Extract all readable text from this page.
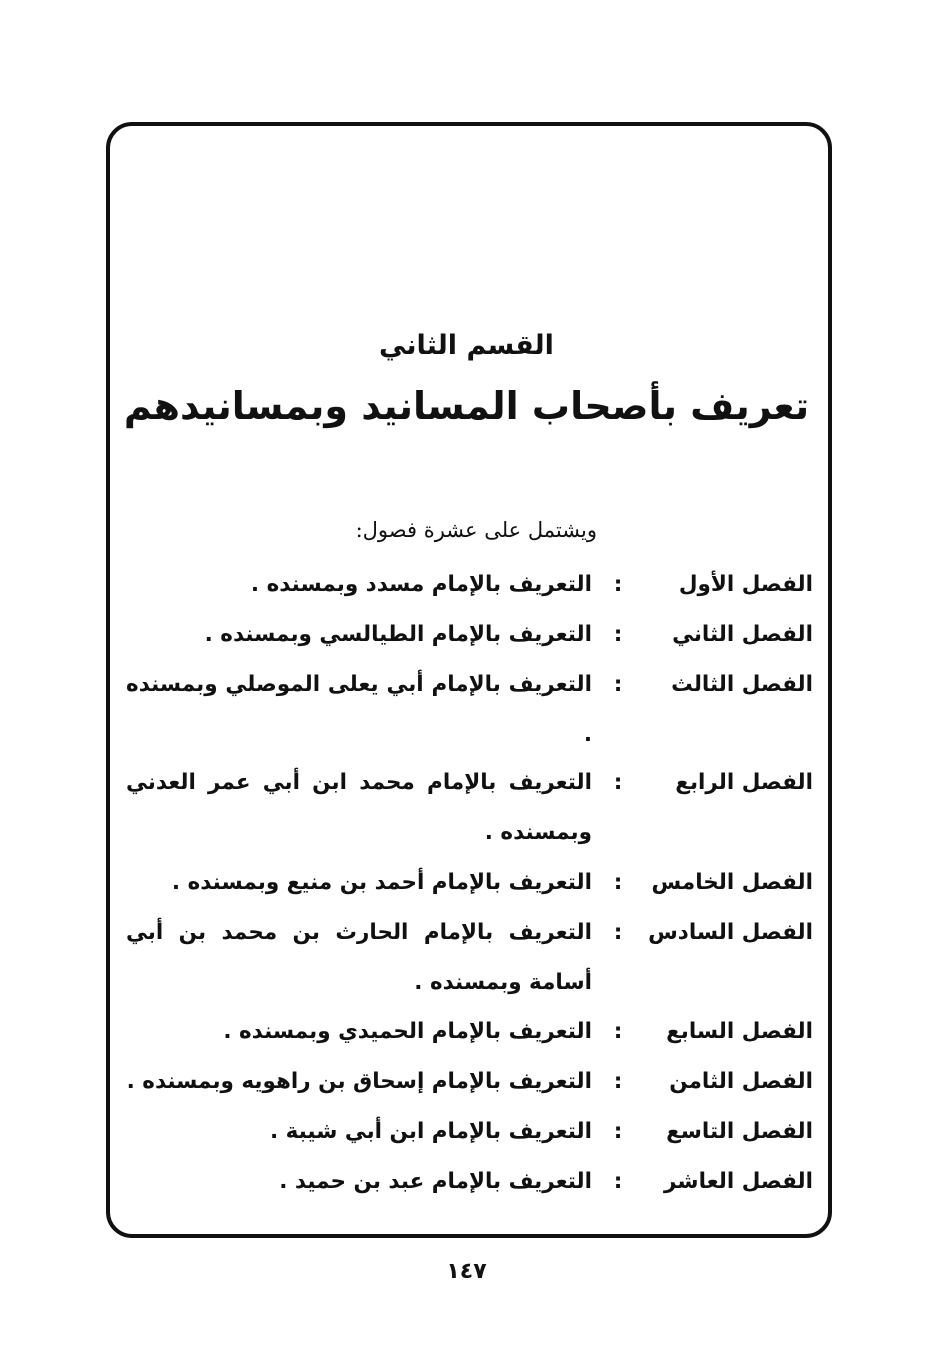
القسم الثاني
تعريف بأصحاب المسانيد وبمسانيدهم
ويشتمل على عشرة فصول:
الفصل الأول
:
التعريف بالإمام مسدد وبمسنده .
الفصل الثاني
:
التعريف بالإمام الطيالسي وبمسنده .
الفصل الثالث
:
التعريف بالإمام أبي يعلى الموصلي وبمسنده .
الفصل الرابع
:
التعريف بالإمام محمد ابن أبي عمر العدني وبمسنده .
الفصل الخامس
:
التعريف بالإمام أحمد بن منيع وبمسنده .
الفصل السادس
:
التعريف بالإمام الحارث بن محمد بن أبي أسامة وبمسنده .
الفصل السابع
:
التعريف بالإمام الحميدي وبمسنده .
الفصل الثامن
:
التعريف بالإمام إسحاق بن راهويه وبمسنده .
الفصل التاسع
:
التعريف بالإمام ابن أبي شيبة .
الفصل العاشر
:
التعريف بالإمام عبد بن حميد .
١٤٧
